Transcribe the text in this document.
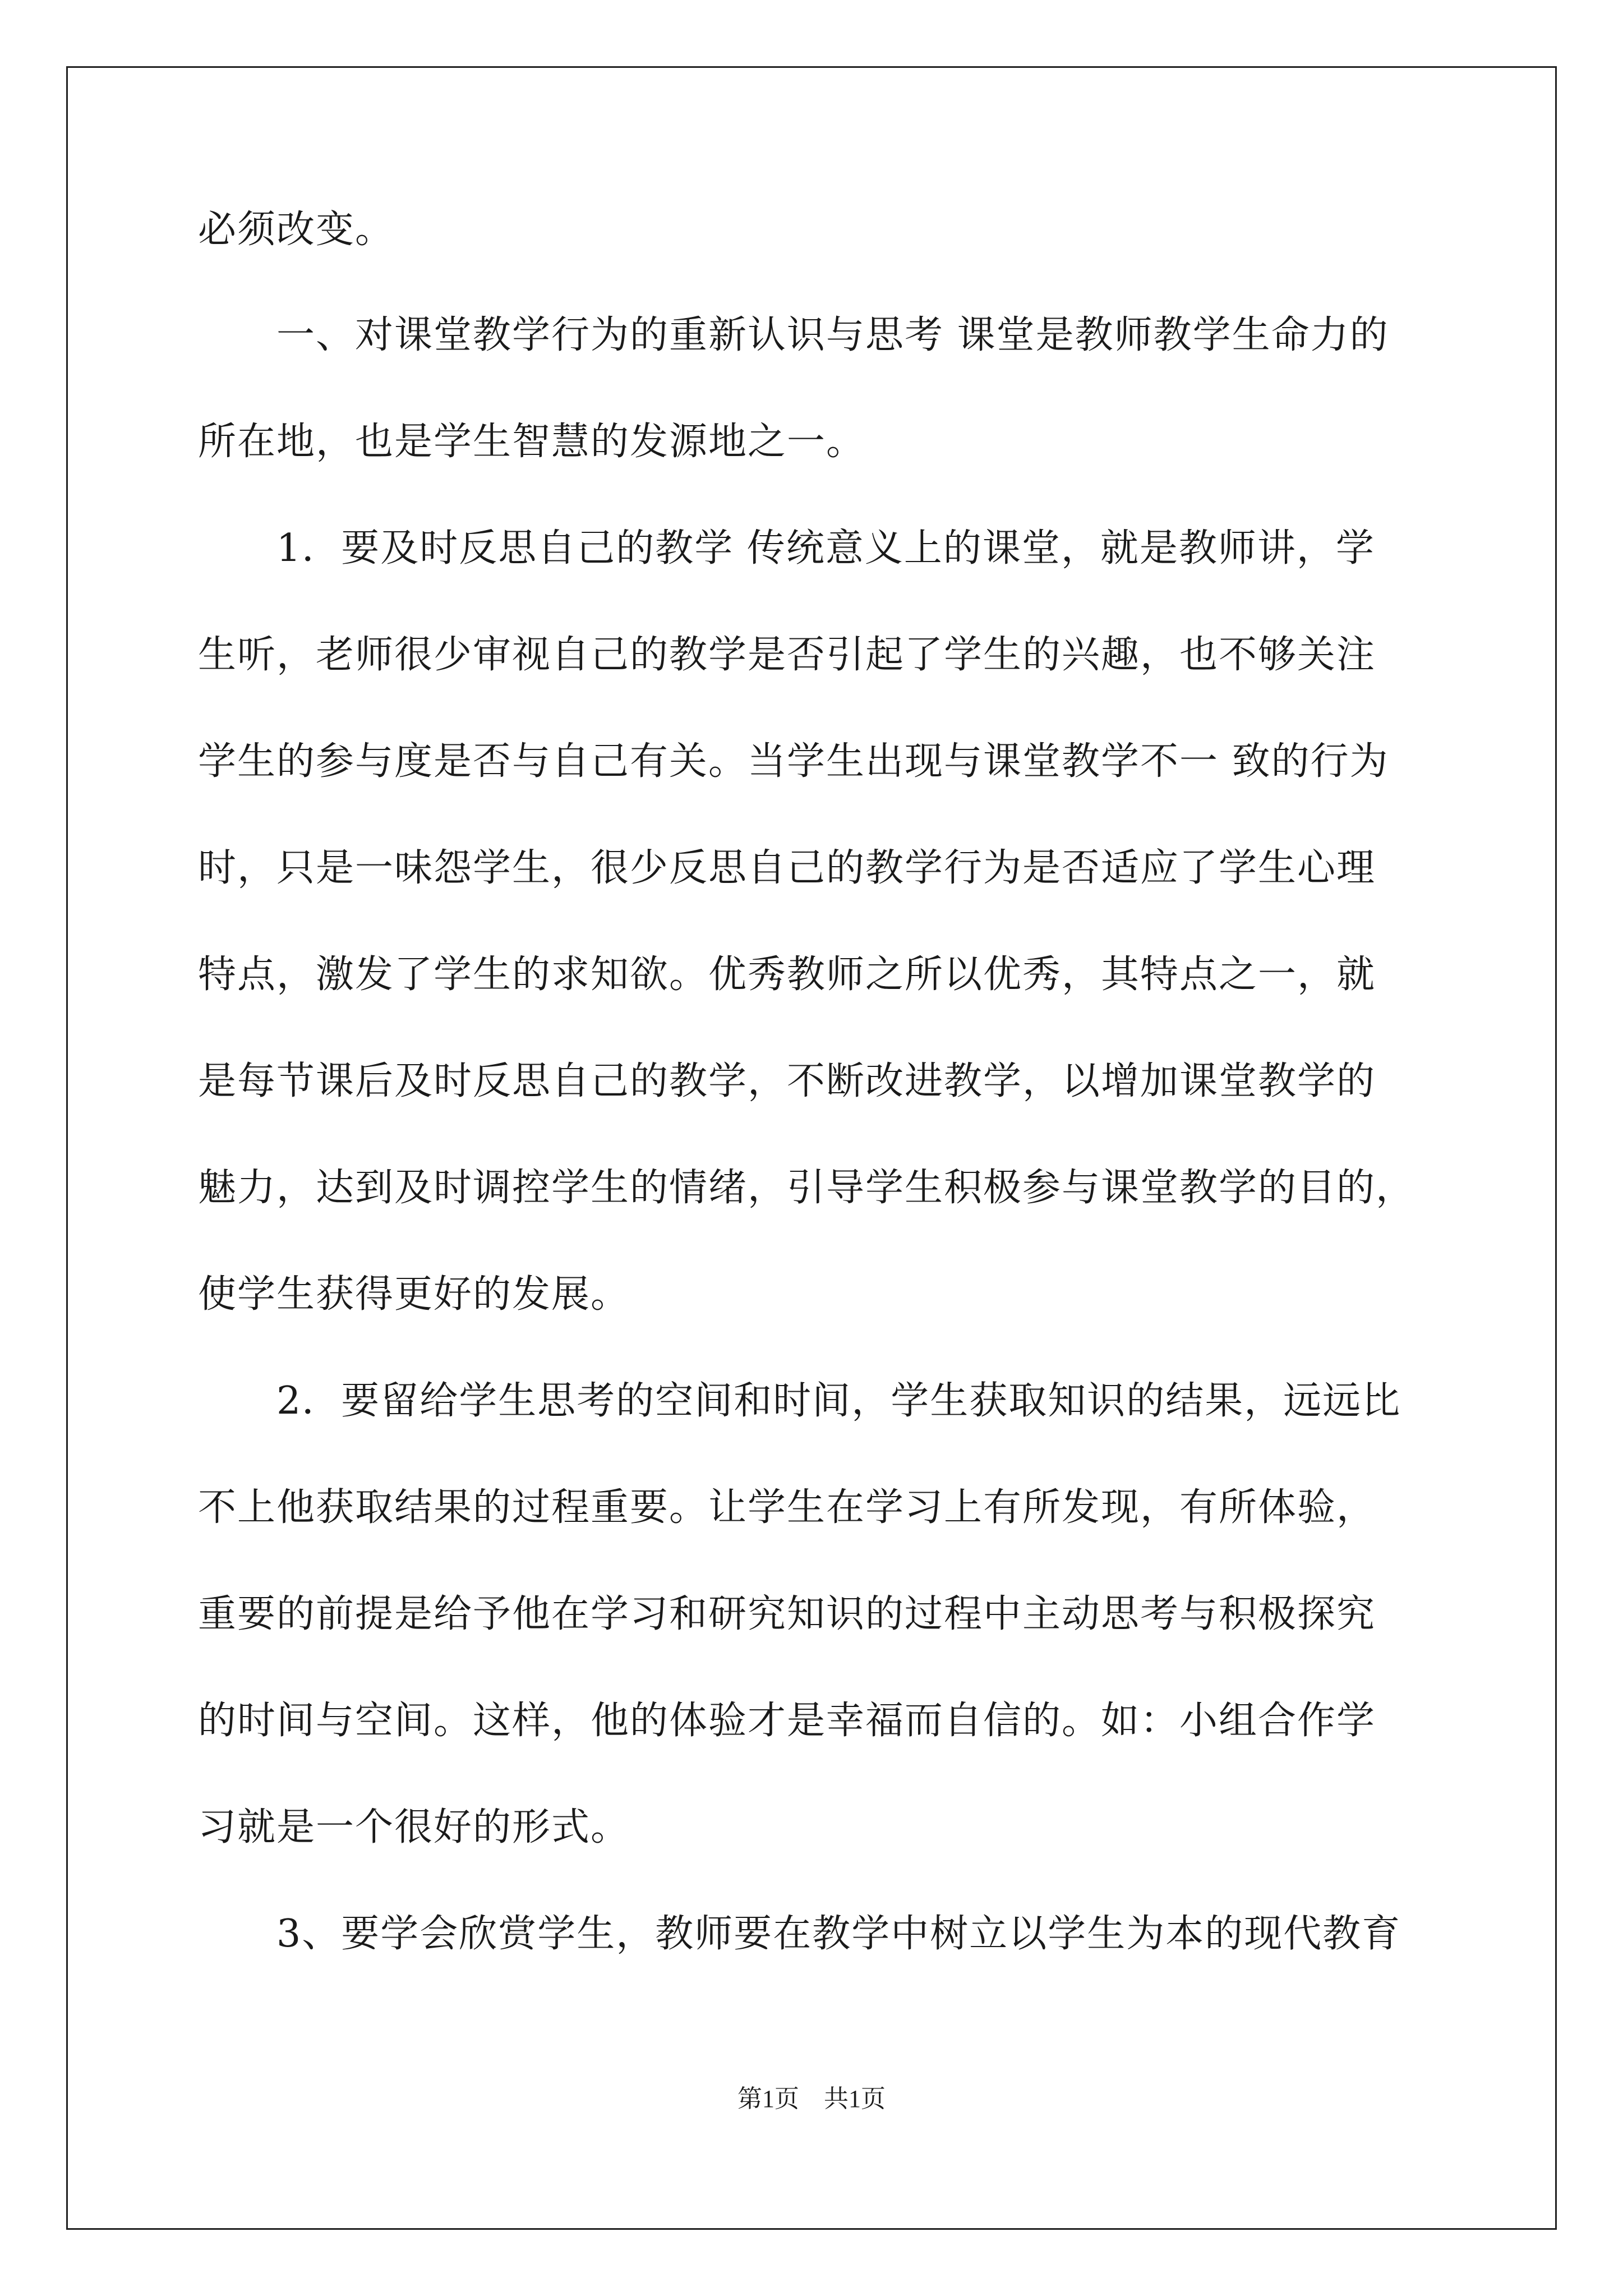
必须改变。
　　一、对课堂教学行为的重新认识与思考 课堂是教师教学生命力的
所在地，也是学生智慧的发源地之一。
　　1．要及时反思自己的教学 传统意义上的课堂，就是教师讲，学
生听，老师很少审视自己的教学是否引起了学生的兴趣，也不够关注
学生的参与度是否与自己有关。当学生出现与课堂教学不一 致的行为
时，只是一味怨学生，很少反思自己的教学行为是否适应了学生心理
特点，激发了学生的求知欲。优秀教师之所以优秀，其特点之一，就
是每节课后及时反思自己的教学，不断改进教学，以增加课堂教学的
魅力，达到及时调控学生的情绪，引导学生积极参与课堂教学的目的，
使学生获得更好的发展。
　　2．要留给学生思考的空间和时间，学生获取知识的结果，远远比
不上他获取结果的过程重要。让学生在学习上有所发现，有所体验，
重要的前提是给予他在学习和研究知识的过程中主动思考与积极探究
的时间与空间。这样，他的体验才是幸福而自信的。如：小组合作学
习就是一个很好的形式。
　　3、要学会欣赏学生，教师要在教学中树立以学生为本的现代教育
第1页　共1页
